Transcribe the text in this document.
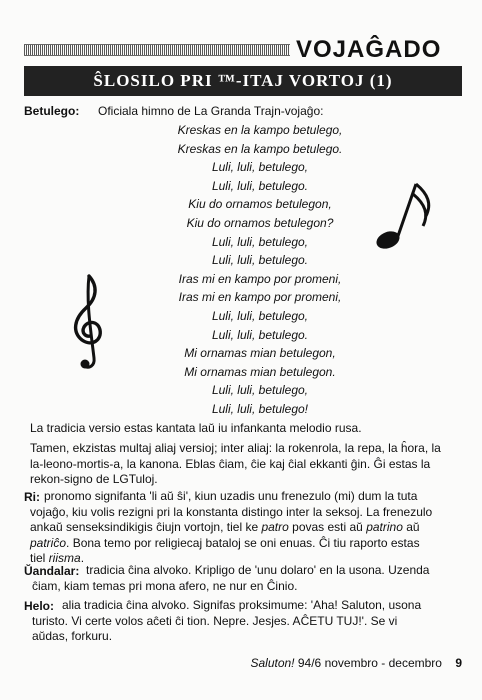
VOJAĜADO
ŜLOSILO PRI ™-ITAJ VORTOJ (1)
Betulego: Oficiala himno de La Granda Trajn-vojaĝo:
Kreskas en la kampo betulego,
Kreskas en la kampo betulego.
Luli, luli, betulego,
Luli, luli, betulego.
Kiu do ornamos betulegon,
Kiu do ornamos betulegon?
Luli, luli, betulego,
Luli, luli, betulego.
Iras mi en kampo por promeni,
Iras mi en kampo por promeni,
Luli, luli, betulego,
Luli, luli, betulego.
Mi ornamas mian betulegon,
Mi ornamas mian betulegon.
Luli, luli, betulego,
Luli, luli, betulego!
La tradicia versio estas kantata laŭ iu infankanta melodio rusa.

Tamen, ekzistas multaj aliaj versioj; inter aliaj: la rokenrola, la repa, la ĥora, la

la-leono-mortis-a, la kanona. Eblas ĉiam, ĉie kaj ĉial ekkanti ĝin. Ĝi estas la

rekon-signo de LGTuloj.

Ri: pronomo signifanta 'li aŭ ŝi', kiun uzadis unu frenezulo (mi) dum la tuta

vojaĝo, kiu volis rezigni pri la konstanta distingo inter la seksoj. La frenezulo

ankaŭ senseksindikigis ĉiujn vortojn, tiel ke patro povas esti aŭ patrino aŭ

patriĉo. Bona temo por religiecaj bataloj se oni enuas. Ĉi tiu raporto estas

tiel riisma.

Ŭandalar: tradicia ĉina alvoko. Kripligo de 'unu dolaro' en la usona. Uzenda

ĉiam, kiam temas pri mona afero, ne nur en Ĉinio.

Helo: alia tradicia ĉina alvoko. Signifas proksimume: 'Aha! Saluton, usona

turisto. Vi certe volos aĉeti ĉi tion. Nepre. Jesjes. AĈETU TUJ!'. Se vi

aŭdas, forkuru.

Saluton! 94/6 novembro - decembro 9
